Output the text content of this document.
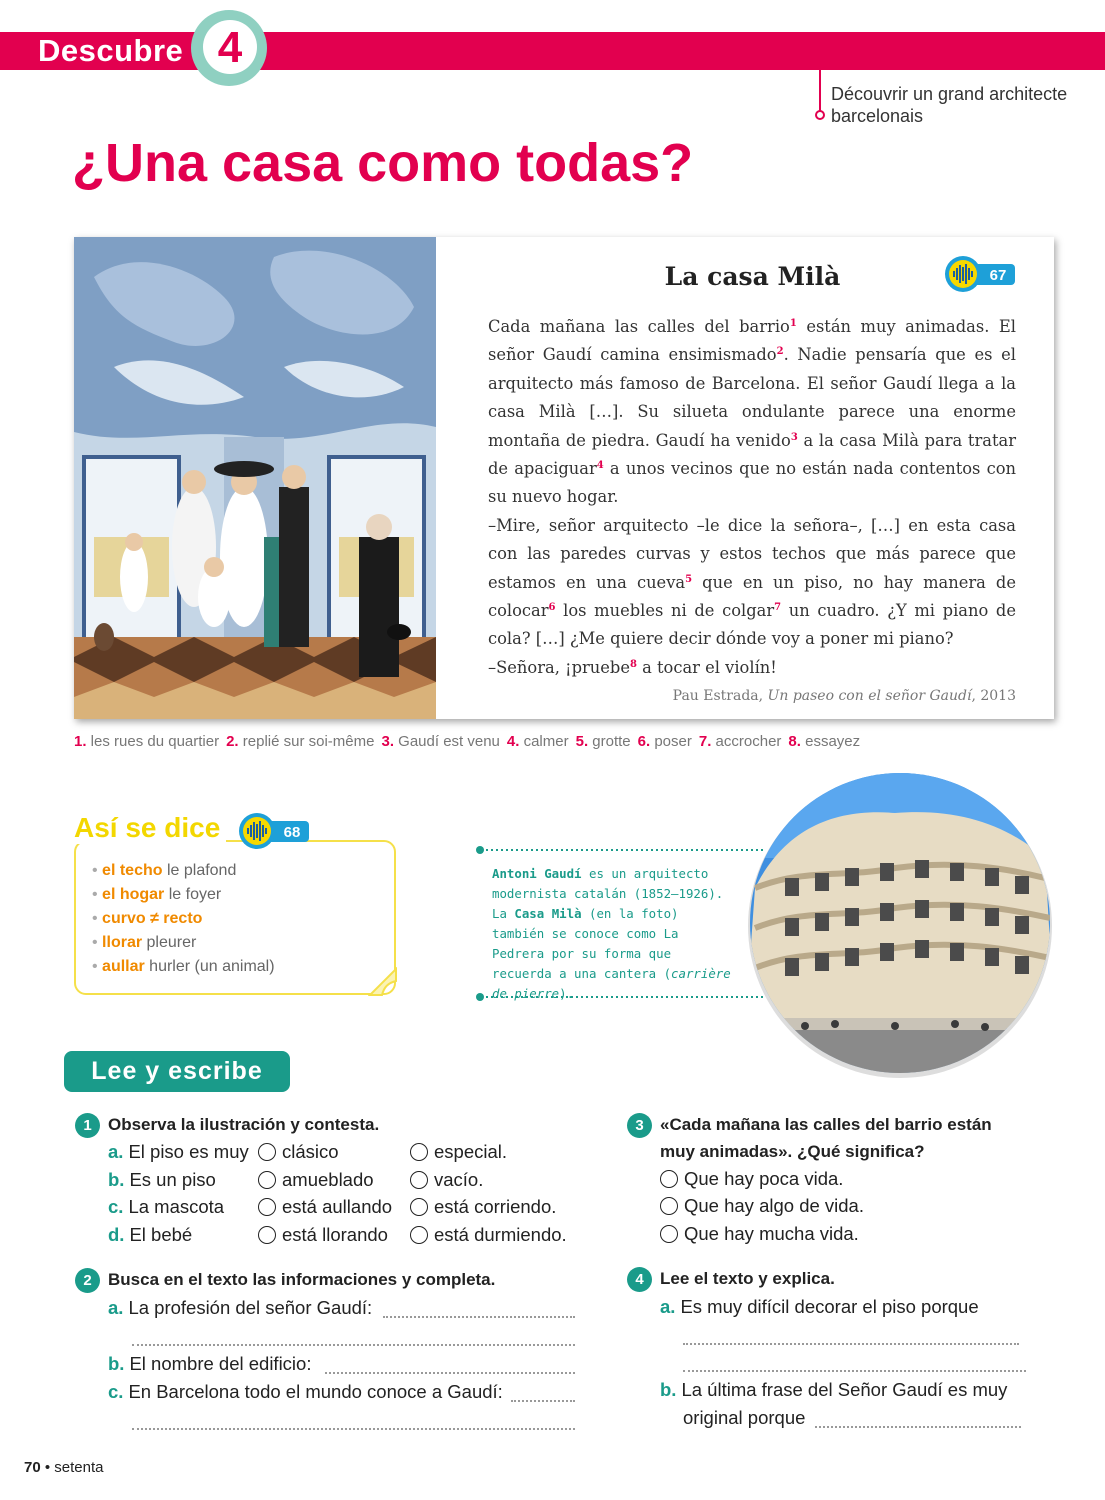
Descubre 4
Découvrir un grand architecte barcelonais
¿Una casa como todas?
La casa Milà	67
Cada mañana las calles del barrio$^1$ están muy animadas. El señor Gaudí camina ensimismado$^2$. Nadie pensaría que es el arquitecto más famoso de Barcelona. El señor Gaudí llega a la casa Milà […]. Su silueta ondulante parece una enorme montaña de piedra. Gaudí ha venido$^3$ a la casa Milà para tratar de apaciguar$^4$ a unos vecinos que no están nada contentos con su nuevo hogar.
–Mire, señor arquitecto –le dice la señora–, […] en esta casa con las paredes curvas y estos techos que más parece que estamos en una cueva$^5$ que en un piso, no hay manera de colocar$^6$ los muebles ni de colgar$^7$ un cuadro. ¿Y mi piano de cola? […] ¿Me quiere decir dónde voy a poner mi piano?
–Señora, ¡pruebe$^8$ a tocar el violín!
Pau Estrada, Un paseo con el señor Gaudí, 2013
1. les rues du quartier 2. replié sur soi-même 3. Gaudí est venu 4. calmer 5. grotte 6. poser 7. accrocher 8. essayez
Así se dice	68
• el techo le plafond
• el hogar le foyer
• curvo ≠ recto
• llorar pleurer
• aullar hurler (un animal)
Antoni Gaudí es un arquitecto modernista catalán (1852–1926).
La Casa Milà (en la foto) también se conoce como La Pedrera por su forma que recuerda a una cantera (carrière de pierre).
Lee y escribe
1 Observa la ilustración y contesta.
a. El piso es muy	clásico	especial.
b. Es un piso	amueblado	vacío.
c. La mascota	está aullando	está corriendo.
d. El bebé	está llorando	está durmiendo.
2 Busca en el texto las informaciones y completa.
a. La profesión del señor Gaudí:
b. El nombre del edificio:
c. En Barcelona todo el mundo conoce a Gaudí:
3 «Cada mañana las calles del barrio están
muy animadas». ¿Qué significa?
Que hay poca vida.
Que hay algo de vida.
Que hay mucha vida.
4 Lee el texto y explica.
a. Es muy difícil decorar el piso porque
b. La última frase del Señor Gaudí es muy
original porque
70 • setenta
